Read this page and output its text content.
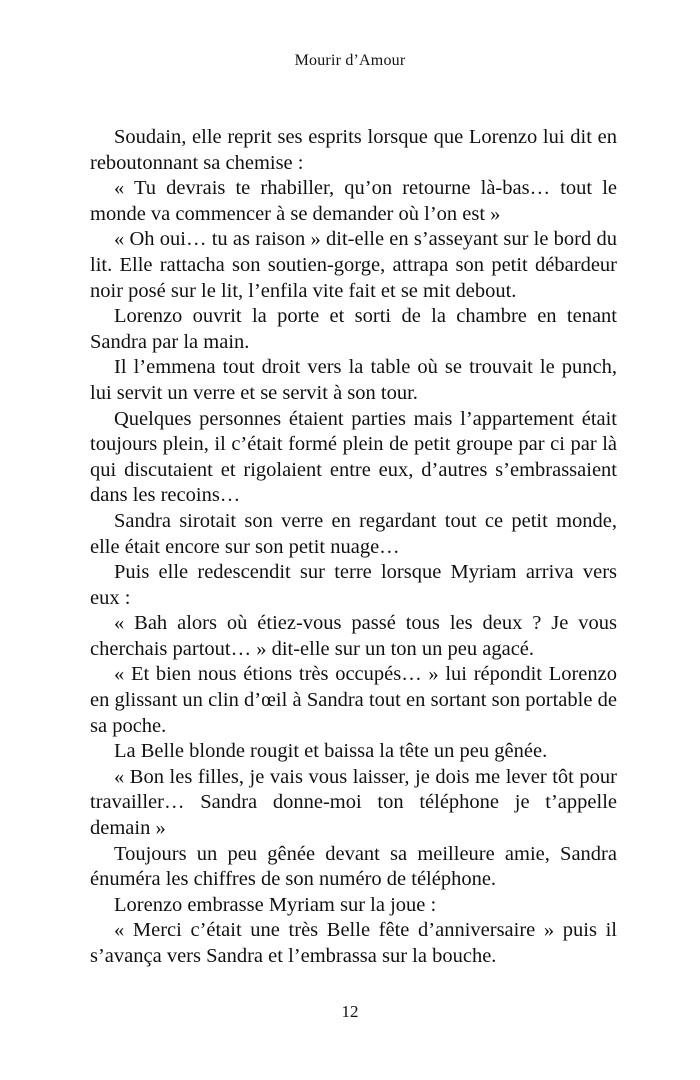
Mourir d’Amour

Soudain, elle reprit ses esprits lorsque que Lorenzo lui dit en reboutonnant sa chemise :

« Tu devrais te rhabiller, qu’on retourne là-bas… tout le monde va commencer à se demander où l’on est »

« Oh oui… tu as raison » dit-elle en s’asseyant sur le bord du lit. Elle rattacha son soutien-gorge, attrapa son petit débardeur noir posé sur le lit, l’enfila vite fait et se mit debout.

Lorenzo ouvrit la porte et sorti de la chambre en tenant Sandra par la main.

Il l’emmena tout droit vers la table où se trouvait le punch, lui servit un verre et se servit à son tour.

Quelques personnes étaient parties mais l’appartement était toujours plein, il c’était formé plein de petit groupe par ci par là qui discutaient et rigolaient entre eux, d’autres s’embrassaient dans les recoins…

Sandra sirotait son verre en regardant tout ce petit monde, elle était encore sur son petit nuage…

Puis elle redescendit sur terre lorsque Myriam arriva vers eux :

« Bah alors où étiez-vous passé tous les deux ? Je vous cherchais partout… » dit-elle sur un ton un peu agacé.

« Et bien nous étions très occupés… » lui répondit Lorenzo en glissant un clin d’œil à Sandra tout en sortant son portable de sa poche.

La Belle blonde rougit et baissa la tête un peu gênée.

« Bon les filles, je vais vous laisser, je dois me lever tôt pour travailler… Sandra donne-moi ton téléphone je t’appelle demain »

Toujours un peu gênée devant sa meilleure amie, Sandra énuméra les chiffres de son numéro de téléphone.

Lorenzo embrasse Myriam sur la joue :

« Merci c’était une très Belle fête d’anniversaire » puis il s’avança vers Sandra et l’embrassa sur la bouche.

12
